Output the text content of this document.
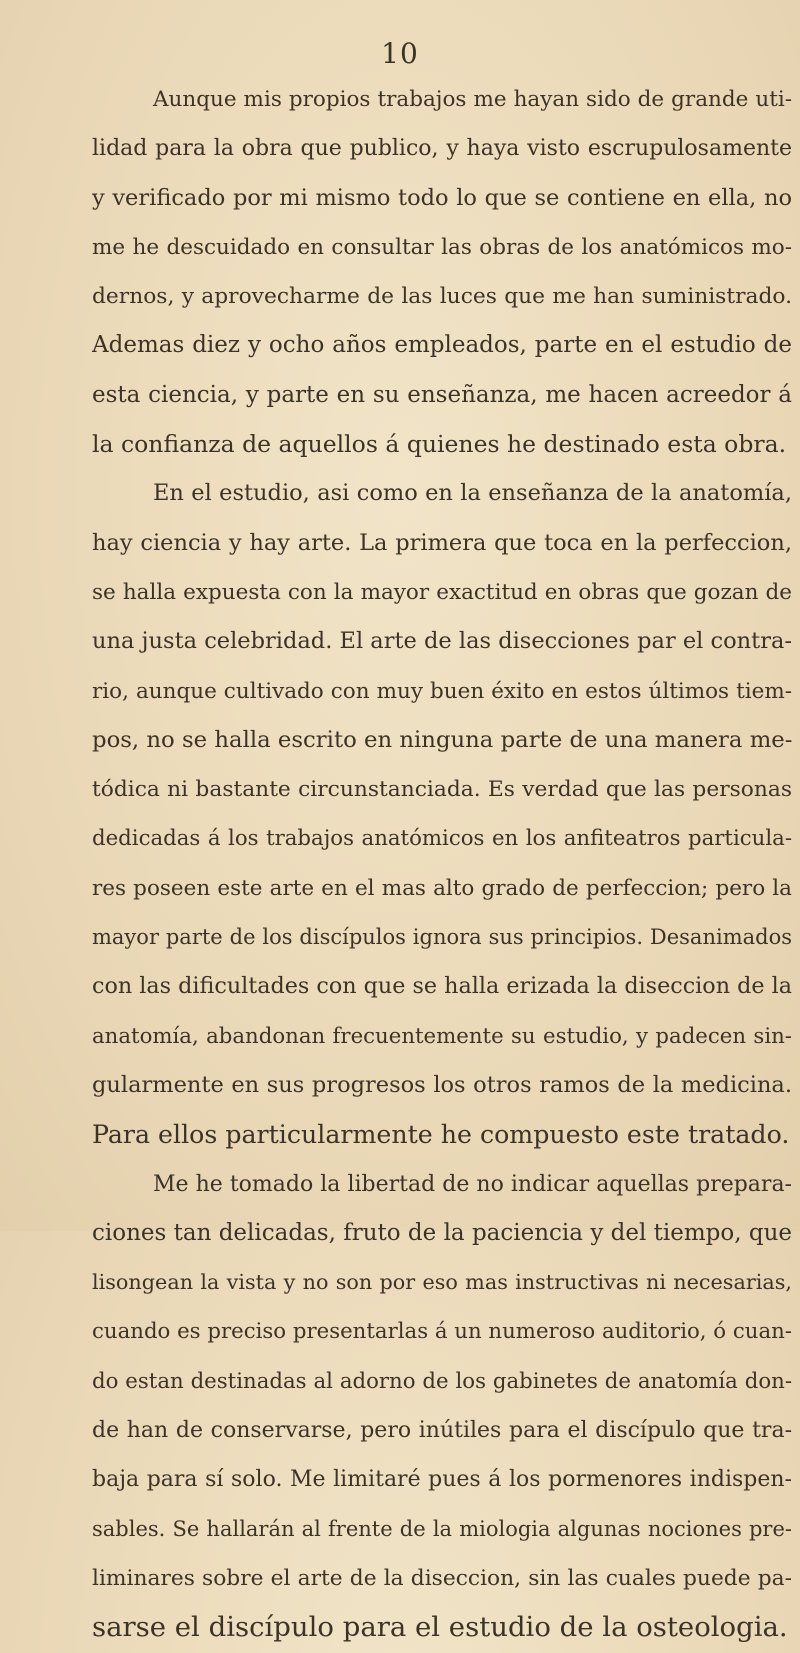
10
Aunque mis propios trabajos me hayan sido de grande uti-
lidad para la obra que publico, y haya visto escrupulosamente
y verificado por mi mismo todo lo que se contiene en ella, no
me he descuidado en consultar las obras de los anatómicos mo-
dernos, y aprovecharme de las luces que me han suministrado.
Ademas diez y ocho años empleados, parte en el estudio de
esta ciencia, y parte en su enseñanza, me hacen acreedor á
la confianza de aquellos á quienes he destinado esta obra.
En el estudio, asi como en la enseñanza de la anatomía,
hay ciencia y hay arte. La primera que toca en la perfeccion,
se halla expuesta con la mayor exactitud en obras que gozan de
una justa celebridad. El arte de las disecciones par el contra-
rio, aunque cultivado con muy buen éxito en estos últimos tiem-
pos, no se halla escrito en ninguna parte de una manera me-
tódica ni bastante circunstanciada. Es verdad que las personas
dedicadas á los trabajos anatómicos en los anfiteatros particula-
res poseen este arte en el mas alto grado de perfeccion; pero la
mayor parte de los discípulos ignora sus principios. Desanimados
con las dificultades con que se halla erizada la diseccion de la
anatomía, abandonan frecuentemente su estudio, y padecen sin-
gularmente en sus progresos los otros ramos de la medicina.
Para ellos particularmente he compuesto este tratado.
Me he tomado la libertad de no indicar aquellas prepara-
ciones tan delicadas, fruto de la paciencia y del tiempo, que
lisongean la vista y no son por eso mas instructivas ni necesarias,
cuando es preciso presentarlas á un numeroso auditorio, ó cuan-
do estan destinadas al adorno de los gabinetes de anatomía don-
de han de conservarse, pero inútiles para el discípulo que tra-
baja para sí solo. Me limitaré pues á los pormenores indispen-
sables. Se hallarán al frente de la miologia algunas nociones pre-
liminares sobre el arte de la diseccion, sin las cuales puede pa-
sarse el discípulo para el estudio de la osteologia.
